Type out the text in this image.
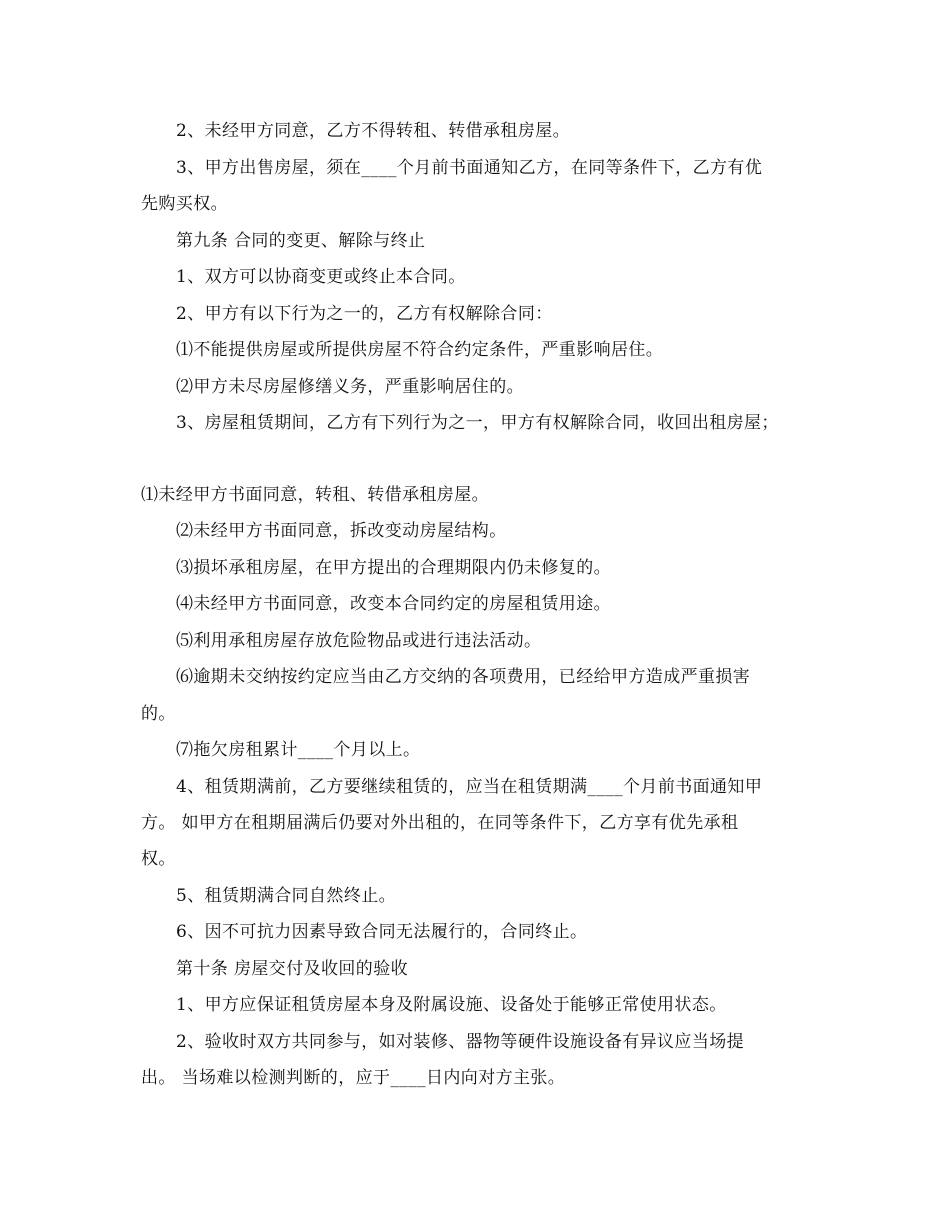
2、未经甲方同意，乙方不得转租、转借承租房屋。
3、甲方出售房屋，须在____个月前书面通知乙方，在同等条件下，乙方有优
先购买权。
第九条 合同的变更、解除与终止
1、双方可以协商变更或终止本合同。
2、甲方有以下行为之一的，乙方有权解除合同：
⑴不能提供房屋或所提供房屋不符合约定条件，严重影响居住。
⑵甲方未尽房屋修缮义务，严重影响居住的。
3、房屋租赁期间，乙方有下列行为之一，甲方有权解除合同，收回出租房屋；
⑴未经甲方书面同意，转租、转借承租房屋。
⑵未经甲方书面同意，拆改变动房屋结构。
⑶损坏承租房屋，在甲方提出的合理期限内仍未修复的。
⑷未经甲方书面同意，改变本合同约定的房屋租赁用途。
⑸利用承租房屋存放危险物品或进行违法活动。
⑹逾期未交纳按约定应当由乙方交纳的各项费用，已经给甲方造成严重损害
的。
⑺拖欠房租累计____个月以上。
4、租赁期满前，乙方要继续租赁的，应当在租赁期满____个月前书面通知甲
方。 如甲方在租期届满后仍要对外出租的，在同等条件下，乙方享有优先承租
权。
5、租赁期满合同自然终止。
6、因不可抗力因素导致合同无法履行的，合同终止。
第十条 房屋交付及收回的验收
1、甲方应保证租赁房屋本身及附属设施、设备处于能够正常使用状态。
2、验收时双方共同参与，如对装修、器物等硬件设施设备有异议应当场提
出。 当场难以检测判断的，应于____日内向对方主张。
